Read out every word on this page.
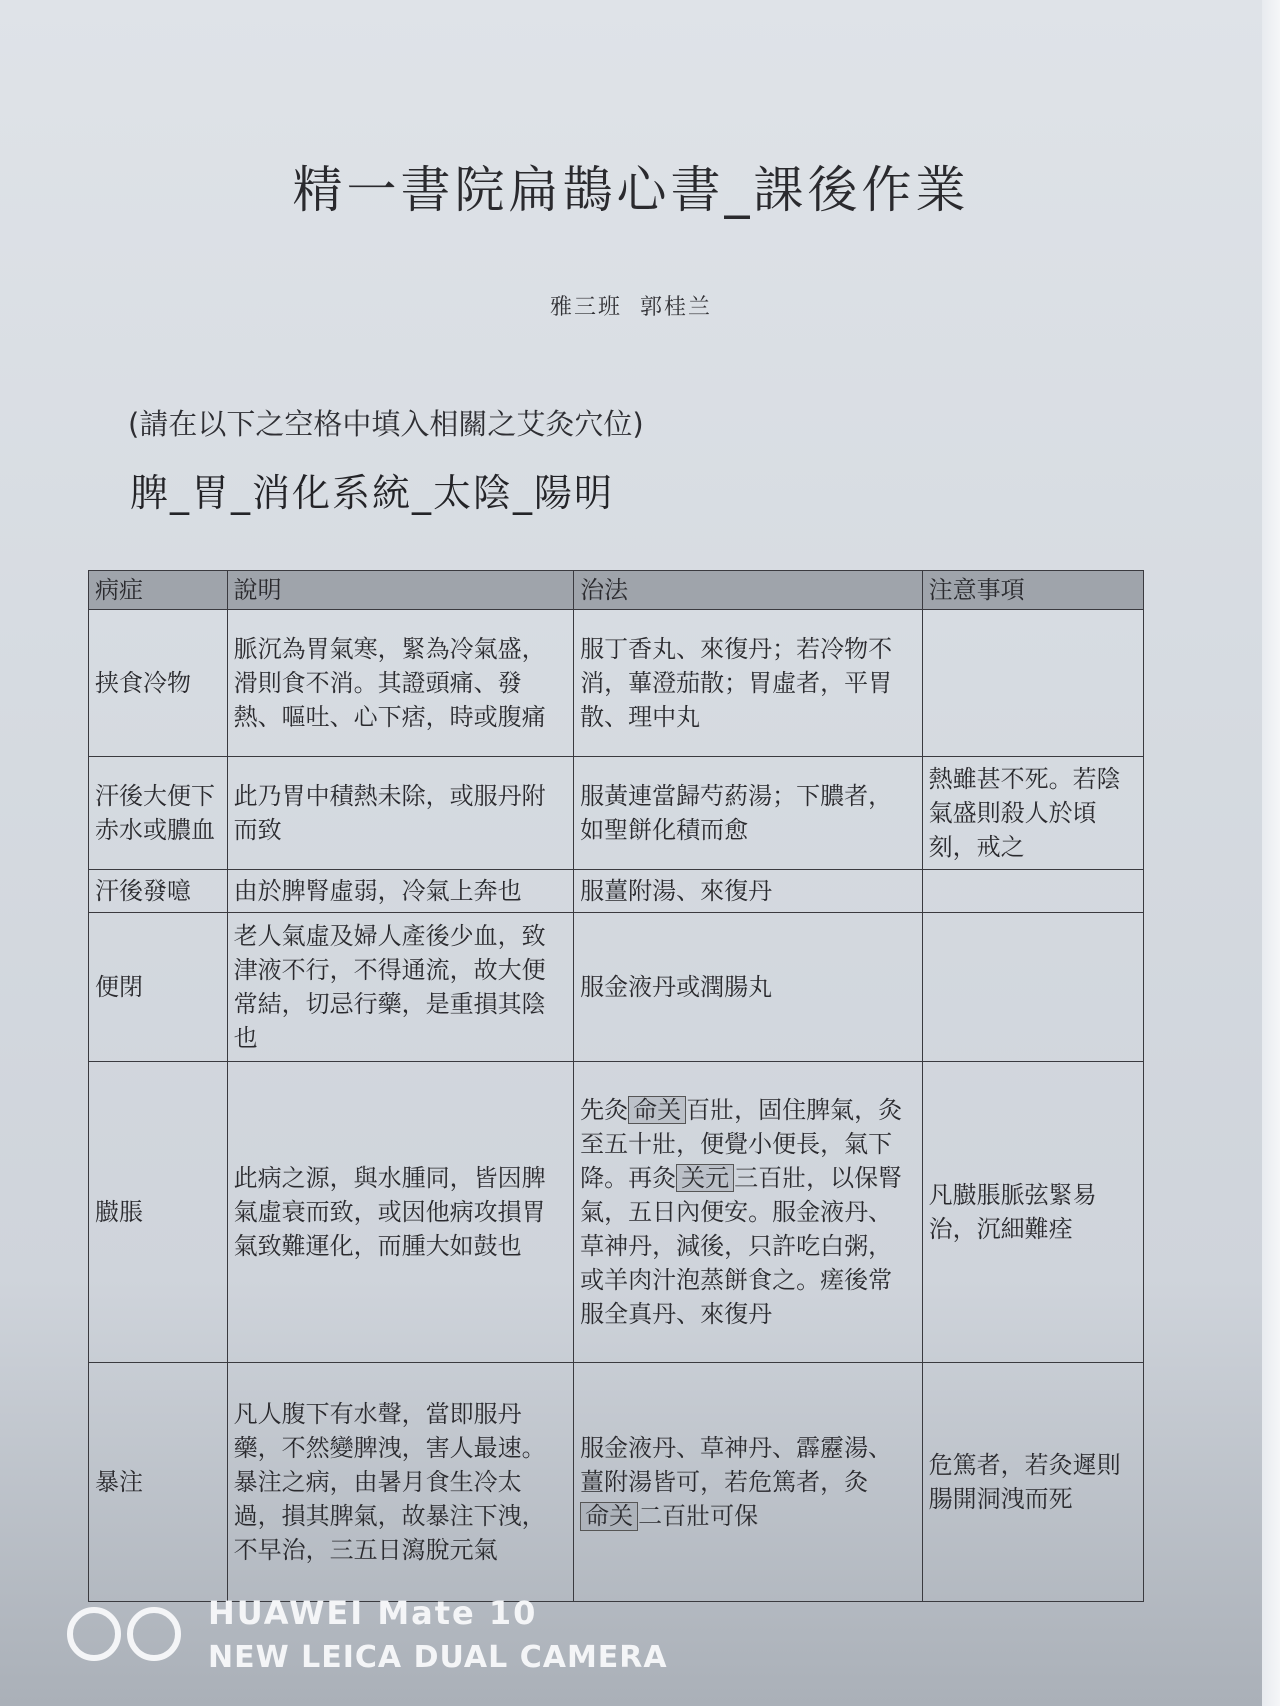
精一書院扁鵲心書_課後作業
雅三班 郭桂兰
(請在以下之空格中填入相關之艾灸穴位)
脾_胃_消化系統_太陰_陽明
病症	說明	治法	注意事項
挟食冷物	脈沉為胃氣寒，緊為冷氣盛，滑則食不消。其證頭痛、發熱、嘔吐、心下痞，時或腹痛	服丁香丸、來復丹；若冷物不消，蓽澄茄散；胃虛者，平胃散、理中丸	
汗後大便下赤水或膿血	此乃胃中積熱未除，或服丹附而致	服黃連當歸芍葯湯；下膿者，如聖餅化積而愈	熱雖甚不死。若陰氣盛則殺人於頃刻，戒之
汗後發噫	由於脾腎虛弱，冷氣上奔也	服薑附湯、來復丹	
便閉	老人氣虛及婦人產後少血，致津液不行，不得通流，故大便常結，切忌行藥，是重損其陰也	服金液丹或潤腸丸	
臌脹	此病之源，與水腫同，皆因脾氣虛衰而致，或因他病攻損胃氣致難運化，而腫大如鼓也	先灸 命关 百壯，固住脾氣，灸至五十壯，便覺小便長，氣下降。再灸 关元 三百壯，以保腎氣，五日內便安。服金液丹、草神丹，減後，只許吃白粥，或羊肉汁泡蒸餅食之。瘥後常服全真丹、來復丹	凡臌脹脈弦緊易治，沉細難痊
暴注	凡人腹下有水聲，當即服丹藥，不然變脾洩，害人最速。暴注之病，由暑月食生冷太過，損其脾氣，故暴注下洩，不早治，三五日瀉脫元氣	服金液丹、草神丹、霹靂湯、薑附湯皆可，若危篤者，灸命关 二百壯可保	危篤者，若灸遲則腸開洞洩而死
HUAWEI Mate 10
NEW LEICA DUAL CAMERA
